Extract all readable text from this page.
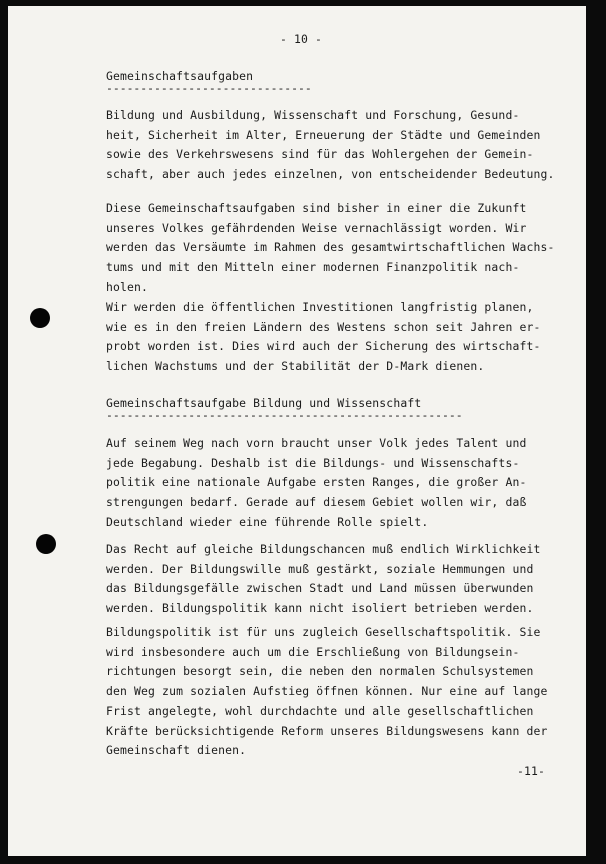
- 10 -
Gemeinschaftsaufgaben
------------------------------
Bildung und Ausbildung, Wissenschaft und Forschung, Gesund-
heit, Sicherheit im Alter, Erneuerung der Städte und Gemeinden
sowie des Verkehrswesens sind für das Wohlergehen der Gemein-
schaft, aber auch jedes einzelnen, von entscheidender Bedeutung.
Diese Gemeinschaftsaufgaben sind bisher in einer die Zukunft
unseres Volkes gefährdenden Weise vernachlässigt worden. Wir
werden das Versäumte im Rahmen des gesamtwirtschaftlichen Wachs-
tums und mit den Mitteln einer modernen Finanzpolitik nach-
holen.
Wir werden die öffentlichen Investitionen langfristig planen,
wie es in den freien Ländern des Westens schon seit Jahren er-
probt worden ist. Dies wird auch der Sicherung des wirtschaft-
lichen Wachstums und der Stabilität der D-Mark dienen.
Gemeinschaftsaufgabe Bildung und Wissenschaft
----------------------------------------------------
Auf seinem Weg nach vorn braucht unser Volk jedes Talent und
jede Begabung. Deshalb ist die Bildungs- und Wissenschafts-
politik eine nationale Aufgabe ersten Ranges, die großer An-
strengungen bedarf. Gerade auf diesem Gebiet wollen wir, daß
Deutschland wieder eine führende Rolle spielt.
Das Recht auf gleiche Bildungschancen muß endlich Wirklichkeit
werden. Der Bildungswille muß gestärkt, soziale Hemmungen und
das Bildungsgefälle zwischen Stadt und Land müssen überwunden
werden. Bildungspolitik kann nicht isoliert betrieben werden.
Bildungspolitik ist für uns zugleich Gesellschaftspolitik. Sie
wird insbesondere auch um die Erschließung von Bildungsein-
richtungen besorgt sein, die neben den normalen Schulsystemen
den Weg zum sozialen Aufstieg öffnen können. Nur eine auf lange
Frist angelegte, wohl durchdachte und alle gesellschaftlichen
Kräfte berücksichtigende Reform unseres Bildungswesens kann der
Gemeinschaft dienen.
-11-
